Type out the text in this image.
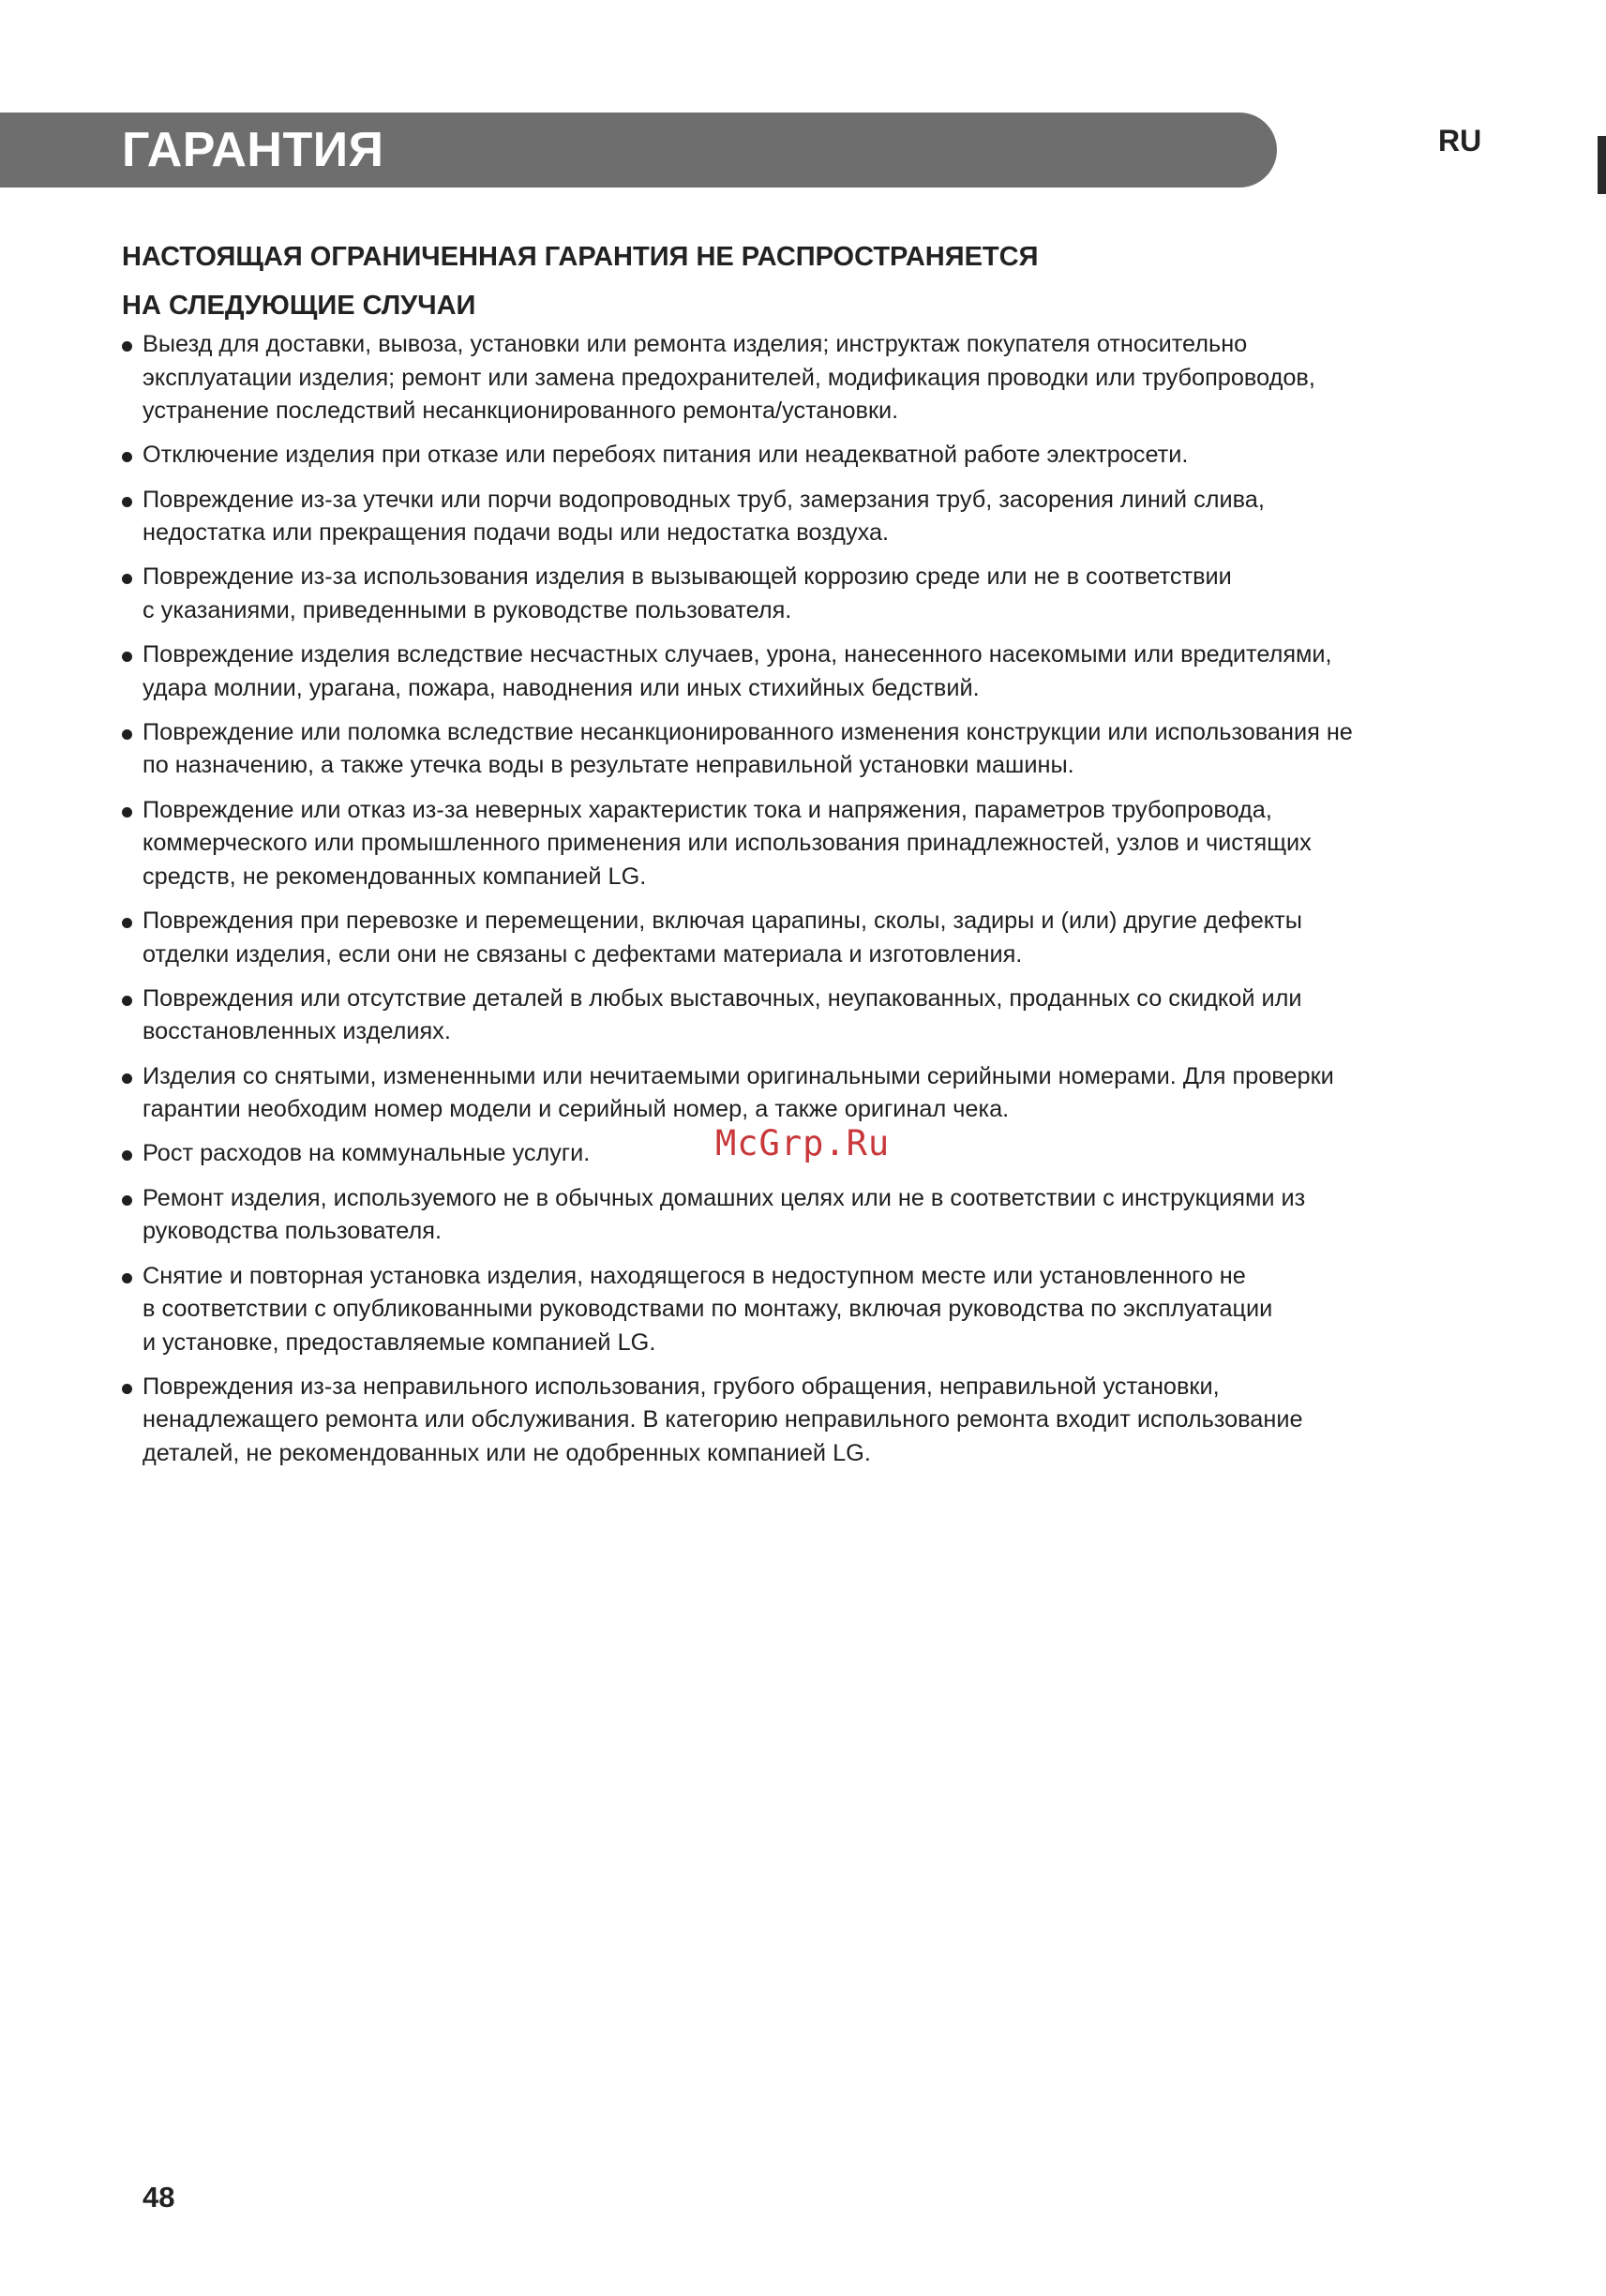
ГАРАНТИЯ	RU
НАСТОЯЩАЯ ОГРАНИЧЕННАЯ ГАРАНТИЯ НЕ РАСПРОСТРАНЯЕТСЯ
НА СЛЕДУЮЩИЕ СЛУЧАИ
Выезд для доставки, вывоза, установки или ремонта изделия; инструктаж покупателя относительно
эксплуатации изделия; ремонт или замена предохранителей, модификация проводки или трубопроводов,
устранение последствий несанкционированного ремонта/установки.
Отключение изделия при отказе или перебоях питания или неадекватной работе электросети.
Повреждение из-за утечки или порчи водопроводных труб, замерзания труб, засорения линий слива,
недостатка или прекращения подачи воды или недостатка воздуха.
Повреждение из-за использования изделия в вызывающей коррозию среде или не в соответствии
с указаниями, приведенными в руководстве пользователя.
Повреждение изделия вследствие несчастных случаев, урона, нанесенного насекомыми или вредителями,
удара молнии, урагана, пожара, наводнения или иных стихийных бедствий.
Повреждение или поломка вследствие несанкционированного изменения конструкции или использования не
по назначению, а также утечка воды в результате неправильной установки машины.
Повреждение или отказ из-за неверных характеристик тока и напряжения, параметров трубопровода,
коммерческого или промышленного применения или использования принадлежностей, узлов и чистящих
средств, не рекомендованных компанией LG.
Повреждения при перевозке и перемещении, включая царапины, сколы, задиры и (или) другие дефекты
отделки изделия, если они не связаны с дефектами материала и изготовления.
Повреждения или отсутствие деталей в любых выставочных, неупакованных, проданных со скидкой или
восстановленных изделиях.
Изделия со снятыми, измененными или нечитаемыми оригинальными серийными номерами. Для проверки
гарантии необходим номер модели и серийный номер, а также оригинал чека.
Рост расходов на коммунальные услуги.
Ремонт изделия, используемого не в обычных домашних целях или не в соответствии с инструкциями из
руководства пользователя.
Снятие и повторная установка изделия, находящегося в недоступном месте или установленного не
в соответствии с опубликованными руководствами по монтажу, включая руководства по эксплуатации
и установке, предоставляемые компанией LG.
Повреждения из-за неправильного использования, грубого обращения, неправильной установки,
ненадлежащего ремонта или обслуживания. В категорию неправильного ремонта входит использование
деталей, не рекомендованных или не одобренных компанией LG.
McGrp.Ru
48
